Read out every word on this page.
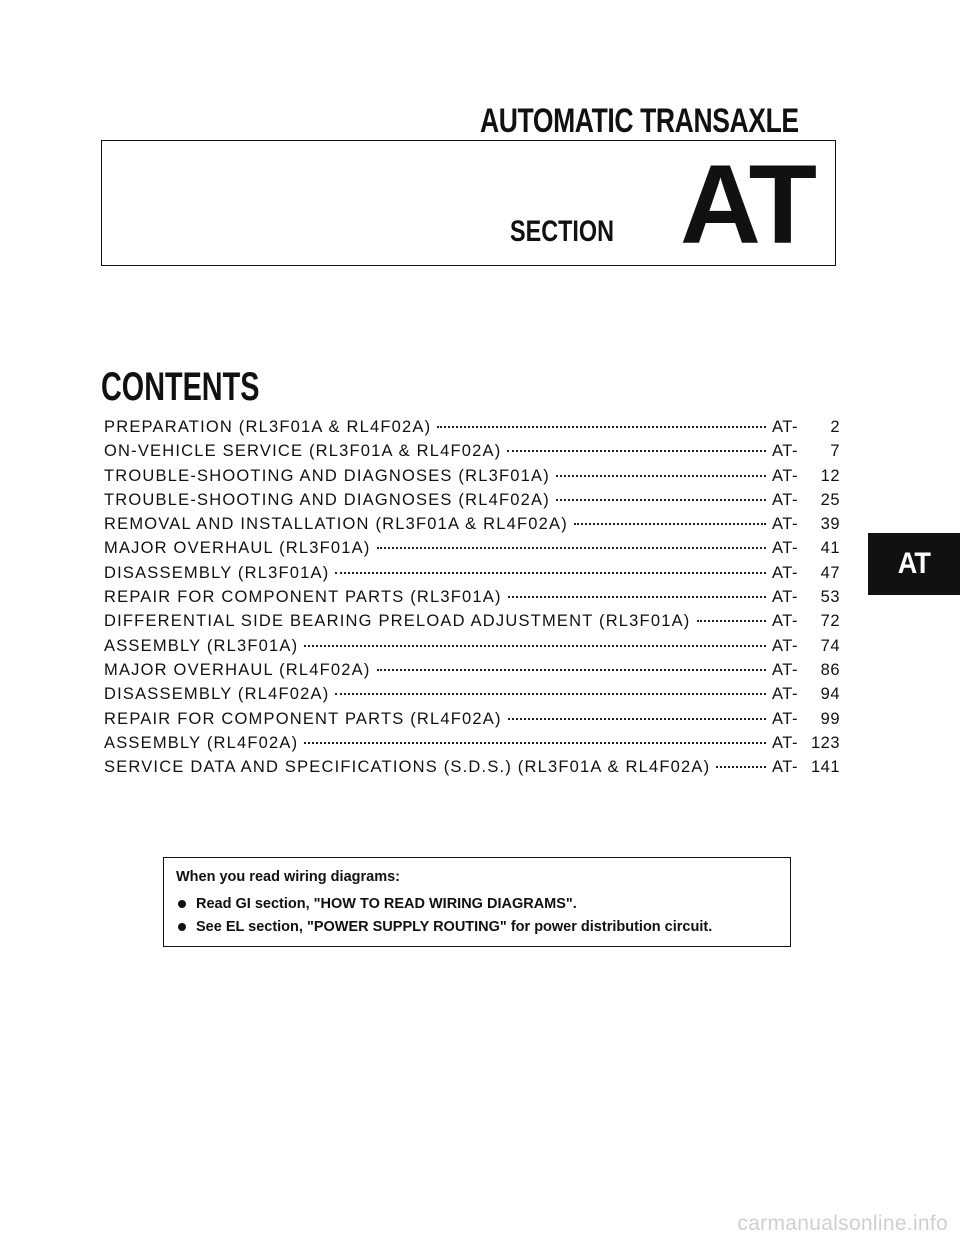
AUTOMATIC TRANSAXLE
SECTION AT
CONTENTS
PREPARATION (RL3F01A & RL4F02A)	AT- 2
ON-VEHICLE SERVICE (RL3F01A & RL4F02A)	AT- 7
TROUBLE-SHOOTING AND DIAGNOSES (RL3F01A)	AT- 12
TROUBLE-SHOOTING AND DIAGNOSES (RL4F02A)	AT- 25
REMOVAL AND INSTALLATION (RL3F01A & RL4F02A)	AT- 39
MAJOR OVERHAUL (RL3F01A)	AT- 41
DISASSEMBLY (RL3F01A)	AT- 47
REPAIR FOR COMPONENT PARTS (RL3F01A)	AT- 53
DIFFERENTIAL SIDE BEARING PRELOAD ADJUSTMENT (RL3F01A)	AT- 72
ASSEMBLY (RL3F01A)	AT- 74
MAJOR OVERHAUL (RL4F02A)	AT- 86
DISASSEMBLY (RL4F02A)	AT- 94
REPAIR FOR COMPONENT PARTS (RL4F02A)	AT- 99
ASSEMBLY (RL4F02A)	AT- 123
SERVICE DATA AND SPECIFICATIONS (S.D.S.) (RL3F01A & RL4F02A)	AT- 141
AT

When you read wiring diagrams:

Read GI section, "HOW TO READ WIRING DIAGRAMS".
See EL section, "POWER SUPPLY ROUTING" for power distribution circuit.
carmanualsonline.info
